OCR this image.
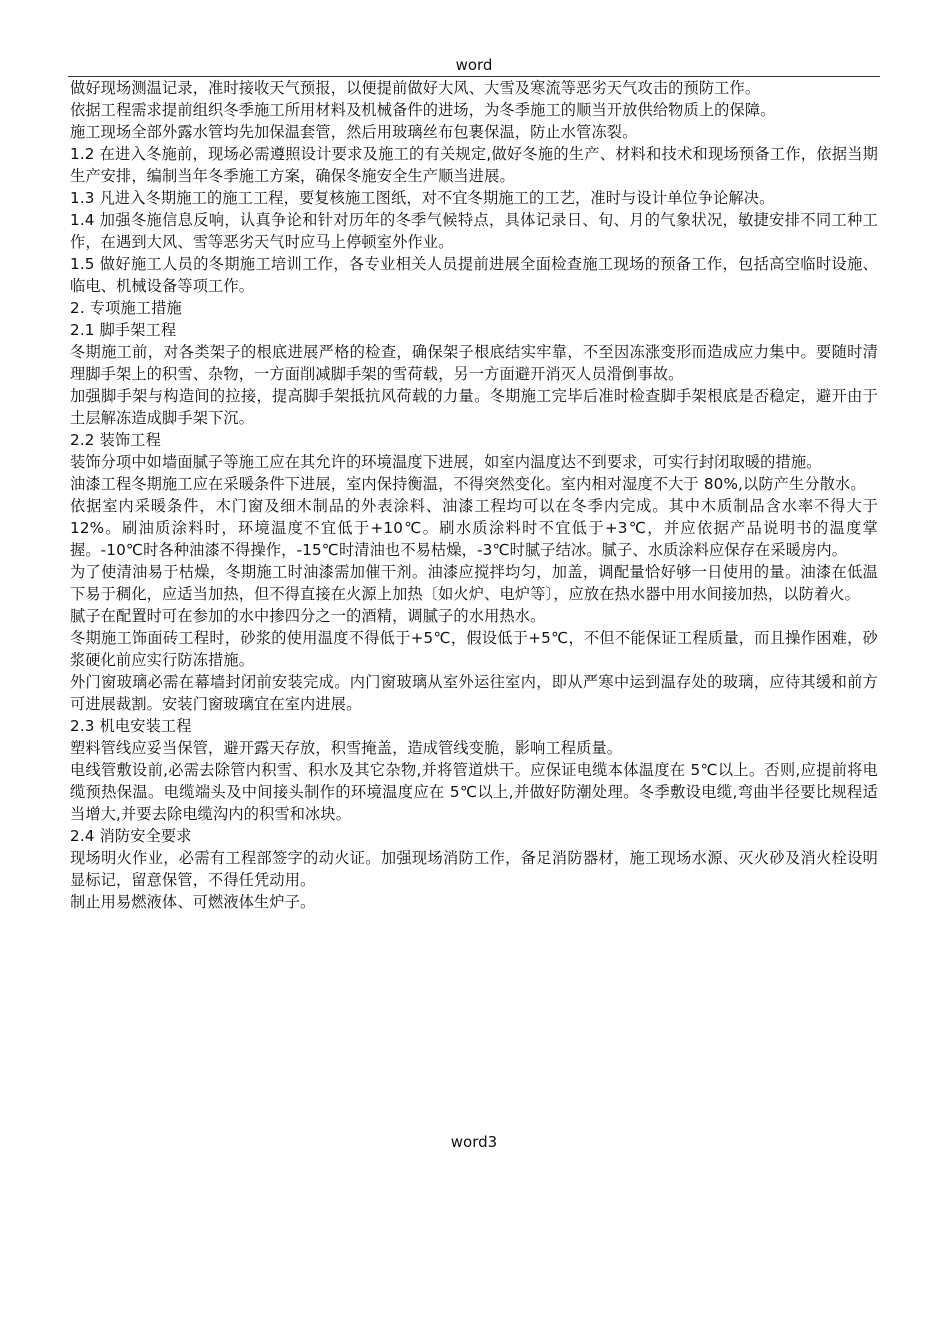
word

做好现场测温记录，准时接收天气预报，以便提前做好大风、大雪及寒流等恶劣天气攻击的预防工作。

依据工程需求提前组织冬季施工所用材料及机械备件的进场，为冬季施工的顺当开放供给物质上的保障。

施工现场全部外露水管均先加保温套管，然后用玻璃丝布包裹保温，防止水管冻裂。

1.2 在进入冬施前，现场必需遵照设计要求及施工的有关规定,做好冬施的生产、材料和技术和现场预备工作，依据当期生产安排，编制当年冬季施工方案，确保冬施安全生产顺当进展。

1.3 凡进入冬期施工的施工工程，要复核施工图纸，对不宜冬期施工的工艺，准时与设计单位争论解决。

1.4 加强冬施信息反响，认真争论和针对历年的冬季气候特点，具体记录日、旬、月的气象状况，敏捷安排不同工种工作，在遇到大风、雪等恶劣天气时应马上停顿室外作业。

1.5 做好施工人员的冬期施工培训工作，各专业相关人员提前进展全面检查施工现场的预备工作，包括高空临时设施、临电、机械设备等项工作。

2. 专项施工措施

2.1 脚手架工程

冬期施工前，对各类架子的根底进展严格的检查，确保架子根底结实牢靠，不至因冻涨变形而造成应力集中。要随时清理脚手架上的积雪、杂物，一方面削减脚手架的雪荷载，另一方面避开消灭人员滑倒事故。

加强脚手架与构造间的拉接，提高脚手架抵抗风荷载的力量。冬期施工完毕后准时检查脚手架根底是否稳定，避开由于土层解冻造成脚手架下沉。

2.2 装饰工程

装饰分项中如墙面腻子等施工应在其允许的环境温度下进展，如室内温度达不到要求，可实行封闭取暖的措施。

油漆工程冬期施工应在采暖条件下进展，室内保持衡温，不得突然变化。室内相对湿度不大于 80%,以防产生分散水。

依据室内采暖条件，木门窗及细木制品的外表涂料、油漆工程均可以在冬季内完成。其中木质制品含水率不得大于 12%。刷油质涂料时，环境温度不宜低于+10℃。刷水质涂料时不宜低于+3℃，并应依据产品说明书的温度掌握。-10℃时各种油漆不得操作，-15℃时清油也不易枯燥，-3℃时腻子结冰。腻子、水质涂料应保存在采暖房内。

为了使清油易于枯燥，冬期施工时油漆需加催干剂。油漆应搅拌均匀，加盖，调配量恰好够一日使用的量。油漆在低温下易于稠化，应适当加热，但不得直接在火源上加热〔如火炉、电炉等〕，应放在热水器中用水间接加热，以防着火。

腻子在配置时可在参加的水中掺四分之一的酒精，调腻子的水用热水。

冬期施工饰面砖工程时，砂浆的使用温度不得低于+5℃，假设低于+5℃，不但不能保证工程质量，而且操作困难，砂浆硬化前应实行防冻措施。

外门窗玻璃必需在幕墙封闭前安装完成。内门窗玻璃从室外运往室内，即从严寒中运到温存处的玻璃，应待其缓和前方可进展裁割。安装门窗玻璃宜在室内进展。

2.3 机电安装工程

塑料管线应妥当保管，避开露天存放，积雪掩盖，造成管线变脆，影响工程质量。

电线管敷设前,必需去除管内积雪、积水及其它杂物,并将管道烘干。应保证电缆本体温度在 5℃以上。否则,应提前将电缆预热保温。电缆端头及中间接头制作的环境温度应在 5℃以上,并做好防潮处理。冬季敷设电缆,弯曲半径要比规程适当增大,并要去除电缆沟内的积雪和冰块。

2.4 消防安全要求

现场明火作业，必需有工程部签字的动火证。加强现场消防工作，备足消防器材，施工现场水源、灭火砂及消火栓设明显标记，留意保管，不得任凭动用。

制止用易燃液体、可燃液体生炉子。

word3
